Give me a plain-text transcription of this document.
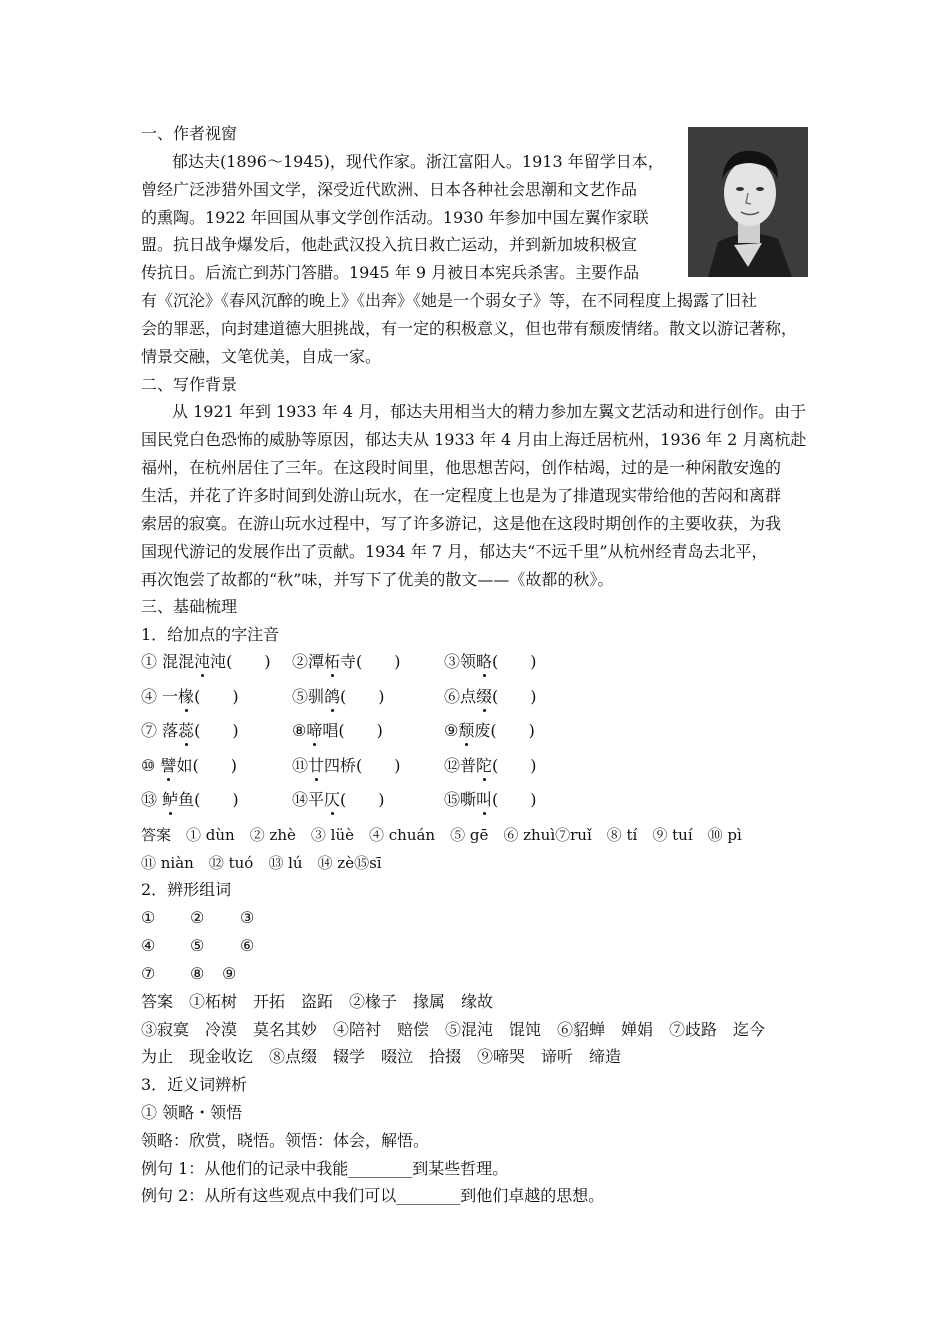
一、作者视窗
郁达夫(1896～1945)，现代作家。浙江富阳人。1913 年留学日本，
曾经广泛涉猎外国文学，深受近代欧洲、日本各种社会思潮和文艺作品
的熏陶。1922 年回国从事文学创作活动。1930 年参加中国左翼作家联
盟。抗日战争爆发后，他赴武汉投入抗日救亡运动，并到新加坡积极宣
传抗日。后流亡到苏门答腊。1945 年 9 月被日本宪兵杀害。主要作品
有《沉沦》《春风沉醉的晚上》《出奔》《她是一个弱女子》等，在不同程度上揭露了旧社
会的罪恶，向封建道德大胆挑战，有一定的积极意义，但也带有颓废情绪。散文以游记著称，
情景交融，文笔优美，自成一家。
二、写作背景
从 1921 年到 1933 年 4 月，郁达夫用相当大的精力参加左翼文艺活动和进行创作。由于
国民党白色恐怖的威胁等原因，郁达夫从 1933 年 4 月由上海迁居杭州，1936 年 2 月离杭赴
福州，在杭州居住了三年。在这段时间里，他思想苦闷，创作枯竭，过的是一种闲散安逸的
生活，并花了许多时间到处游山玩水，在一定程度上也是为了排遣现实带给他的苦闷和离群
索居的寂寞。在游山玩水过程中，写了许多游记，这是他在这段时期创作的主要收获，为我
国现代游记的发展作出了贡献。1934 年 7 月，郁达夫“不远千里”从杭州经青岛去北平，
再次饱尝了故都的“秋”味，并写下了优美的散文——《故都的秋》。
三、基础梳理
1．给加点的字注音
① 混混沌沌(　　) ②潭柘寺(　　)	③领略(　　)
④ 一椽(　　)	⑤驯鸽(　　)	⑥点缀(　　)
⑦ 落蕊(　　)	⑧啼唱(　　)	⑨颓废(　　)
⑩ 譬如(　　)	⑪廿四桥(　　)	⑫普陀(　　)
⑬ 鲈鱼(　　)	⑭平仄(　　)	⑮嘶叫(　　)
答案　① dùn　② zhè　③ lüè　④ chuán　⑤ gē　⑥ zhuì⑦ruǐ　⑧ tí　⑨ tuí　⑩ pì
⑪ niàn　⑫ tuó　⑬ lú　⑭ zè⑮sī
2．辨形组词
① ② ③
④ ⑤ ⑥
⑦ ⑧ ⑨
答案　①柘树　开拓　盗跖　②椽子　掾属　缘故
③寂寞　冷漠　莫名其妙　④陪衬　赔偿　⑤混沌　馄饨　⑥貂蝉　婵娟　⑦歧路　迄今
为止　现金收讫　⑧点缀　辍学　啜泣　拾掇　⑨啼哭　谛听　缔造
3．近义词辨析
① 领略・领悟
领略：欣赏，晓悟。领悟：体会，解悟。
例句 1：从他们的记录中我能________到某些哲理。
例句 2：从所有这些观点中我们可以________到他们卓越的思想。
